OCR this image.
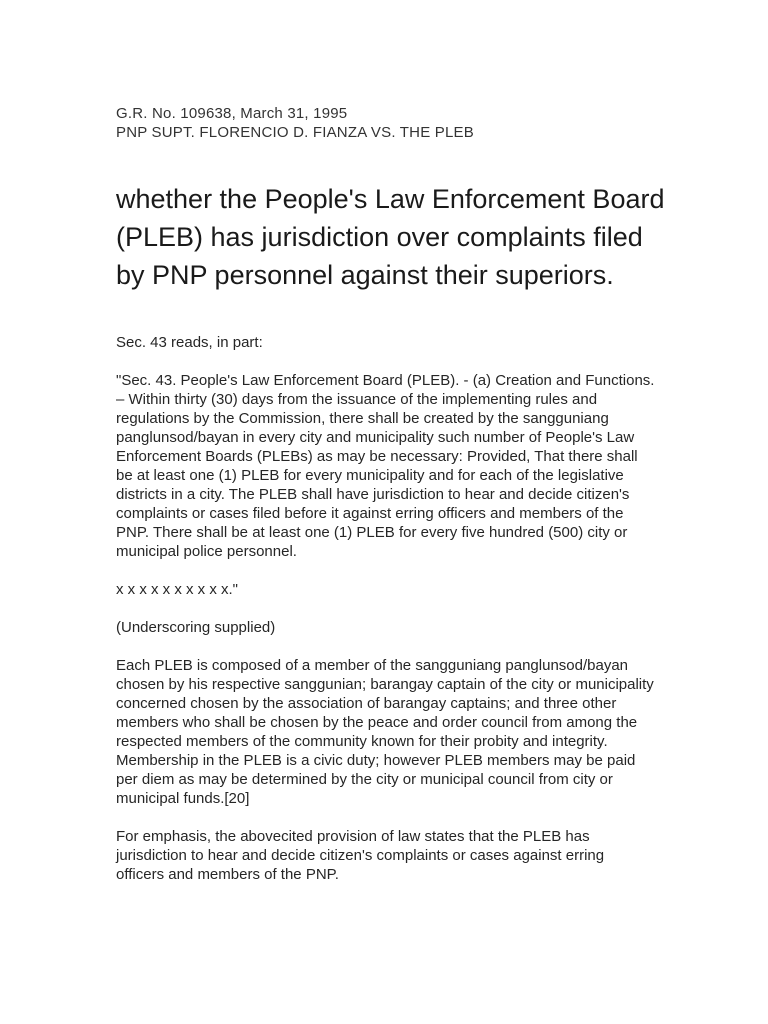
G.R. No. 109638, March 31, 1995
PNP SUPT. FLORENCIO D. FIANZA VS. THE PLEB
whether the People's Law Enforcement Board (PLEB) has jurisdiction over complaints filed by PNP personnel against their superiors.

Sec. 43 reads, in part:

"Sec. 43. People's Law Enforcement Board (PLEB). - (a) Creation and Functions. – Within thirty (30) days from the issuance of the implementing rules and regulations by the Commission, there shall be created by the sangguniang panglunsod/bayan in every city and municipality such number of People's Law Enforcement Boards (PLEBs) as may be necessary: Provided, That there shall be at least one (1) PLEB for every municipality and for each of the legislative districts in a city. The PLEB shall have jurisdiction to hear and decide citizen's complaints or cases filed before it against erring officers and members of the PNP. There shall be at least one (1) PLEB for every five hundred (500) city or municipal police personnel.

x x x x x x x x x x."

(Underscoring supplied)

Each PLEB is composed of a member of the sangguniang panglunsod/bayan chosen by his respective sanggunian; barangay captain of the city or municipality concerned chosen by the association of barangay captains; and three other members who shall be chosen by the peace and order council from among the respected members of the community known for their probity and integrity. Membership in the PLEB is a civic duty; however PLEB members may be paid per diem as may be determined by the city or municipal council from city or municipal funds.[20]

For emphasis, the abovecited provision of law states that the PLEB has jurisdiction to hear and decide citizen's complaints or cases against erring officers and members of the PNP.
